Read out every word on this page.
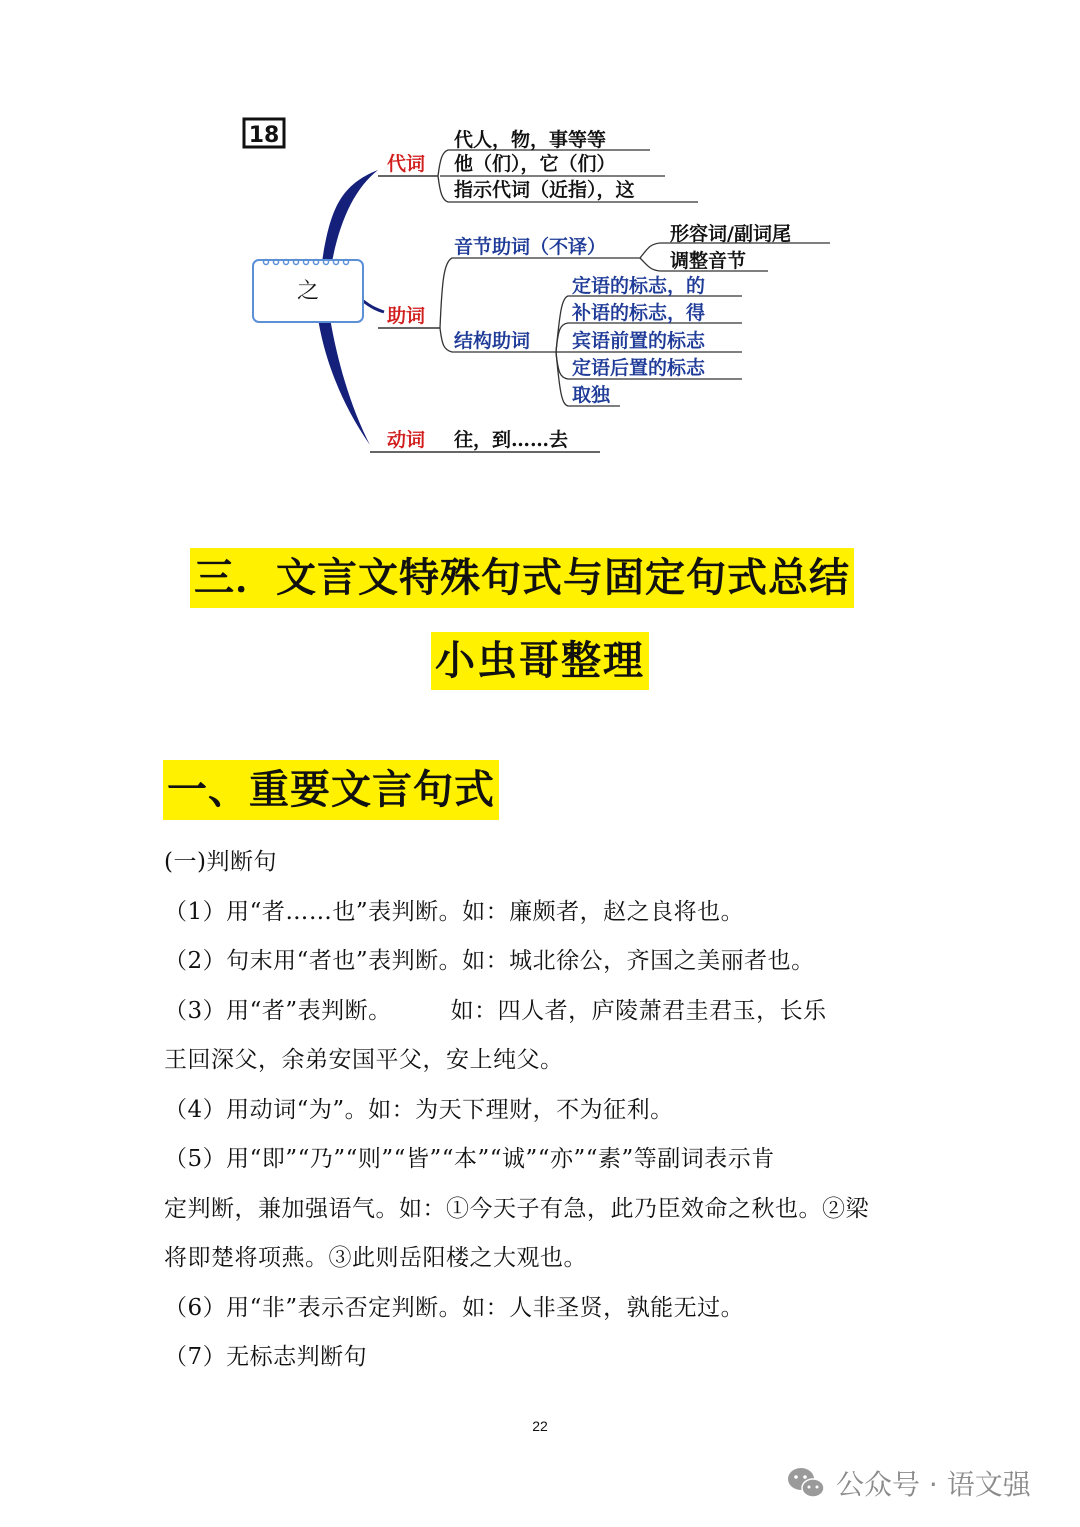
18
之
代词
代人，物，事等等
他（们），它（们）
指示代词（近指），这
助词
音节助词（不译）
形容词/副词尾
调整音节
结构助词
定语的标志，的
补语的标志，得
宾语前置的标志
定语后置的标志
取独
动词 往，到……去
三．文言文特殊句式与固定句式总结
小虫哥整理
一、重要文言句式
(一)判断句
（1）用“者……也”表判断。如：廉颇者，赵之良将也。
（2）句末用“者也”表判断。如：城北徐公，齐国之美丽者也。
（3）用“者”表判断。　　　如：四人者，庐陵萧君圭君玉，长乐
王回深父，余弟安国平父，安上纯父。
（4）用动词“为”。如：为天下理财，不为征利。
（5）用“即”“乃”“则”“皆”“本”“诚”“亦”“素”等副词表示肯
定判断，兼加强语气。如：①今天子有急，此乃臣效命之秋也。②梁
将即楚将项燕。③此则岳阳楼之大观也。
（6）用“非”表示否定判断。如：人非圣贤，孰能无过。
（7）无标志判断句
22
公众号 · 语文强
